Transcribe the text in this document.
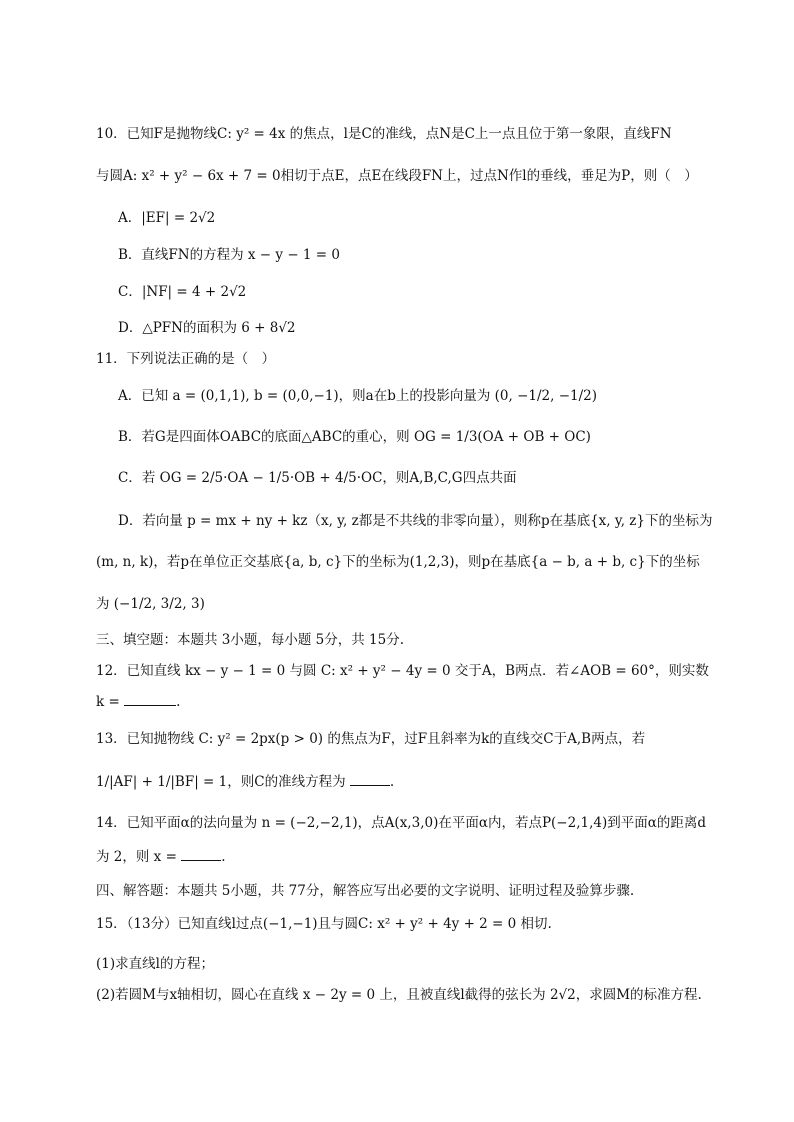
10．已知F是抛物线C: y² = 4x 的焦点，l是C的准线，点N是C上一点且位于第一象限，直线FN
与圆A: x² + y² − 6x + 7 = 0相切于点E，点E在线段FN上，过点N作l的垂线，垂足为P，则（　）
A．|EF| = 2√2
B．直线FN的方程为 x − y − 1 = 0
C．|NF| = 4 + 2√2
D．△PFN的面积为 6 + 8√2
11．下列说法正确的是（　）
A．已知 a = (0,1,1), b = (0,0,−1)，则a在b上的投影向量为 (0, −1/2, −1/2)
B．若G是四面体OABC的底面△ABC的重心，则 OG = 1/3(OA + OB + OC)
C．若 OG = 2/5·OA − 1/5·OB + 4/5·OC，则A,B,C,G四点共面
D．若向量 p = mx + ny + kz（x, y, z都是不共线的非零向量），则称p在基底{x, y, z}下的坐标为
(m, n, k)，若p在单位正交基底{a, b, c}下的坐标为(1,2,3)，则p在基底{a − b, a + b, c}下的坐标
为 (−1/2, 3/2, 3)
三、填空题：本题共 3小题，每小题 5分，共 15分.
12．已知直线 kx − y − 1 = 0 与圆 C: x² + y² − 4y = 0 交于A，B两点．若∠AOB = 60°，则实数
k =	.
13．已知抛物线 C: y² = 2px(p > 0) 的焦点为F，过F且斜率为k的直线交C于A,B两点，若
1/|AF| + 1/|BF| = 1，则C的准线方程为	.
14．已知平面α的法向量为 n = (−2,−2,1)，点A(x,3,0)在平面α内，若点P(−2,1,4)到平面α的距离d
为 2，则 x =	.
四、解答题：本题共 5小题，共 77分，解答应写出必要的文字说明、证明过程及验算步骤.
15．（13分）已知直线l过点(−1,−1)且与圆C: x² + y² + 4y + 2 = 0 相切.
(1)求直线l的方程；
(2)若圆M与x轴相切，圆心在直线 x − 2y = 0 上，且被直线l截得的弦长为 2√2，求圆M的标准方程.
